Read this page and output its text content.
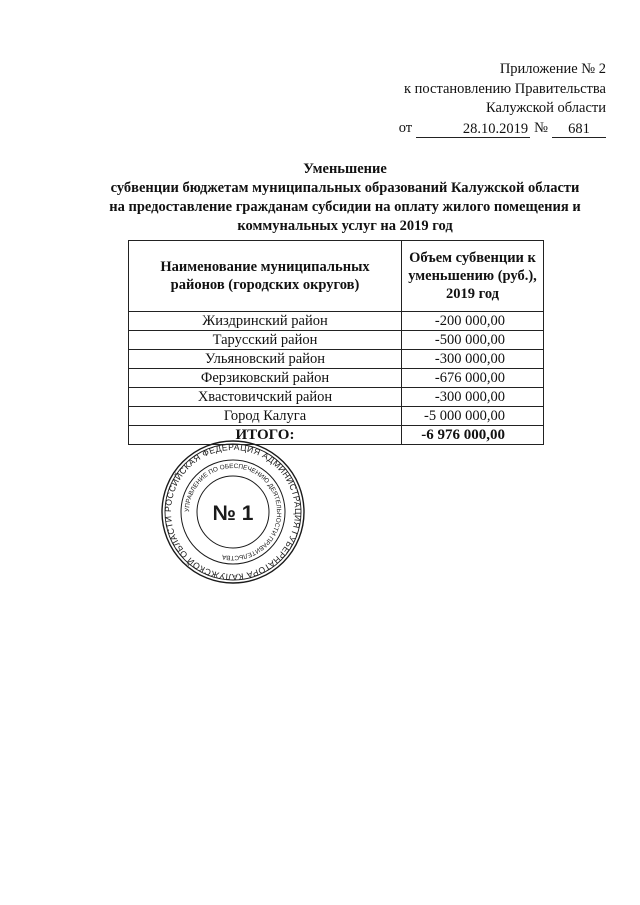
Приложение № 2
к постановлению Правительства
Калужской области
от	28.10.2019 №	681
Уменьшение
субвенции бюджетам муниципальных образований Калужской области
на предоставление гражданам субсидии на оплату жилого помещения и
коммунальных услуг на 2019 год
Наименование муниципальных районов (городских округов)	Объем субвенции к уменьшению (руб.), 2019 год
Жиздринский район	-200 000,00
Тарусский район	-500 000,00
Ульяновский район	-300 000,00
Ферзиковский район	-676 000,00
Хвастовичский район	-300 000,00
Город Калуга	-5 000 000,00
ИТОГО:	-6 976 000,00
РОССИЙСКАЯ ФЕДЕРАЦИЯ АДМИНИСТРАЦИЯ ГУБЕРНАТОРА КАЛУЖСКОЙ ОБЛАСТИ
УПРАВЛЕНИЕ ПО ОБЕСПЕЧЕНИЮ ДЕЯТЕЛЬНОСТИ ПРАВИТЕЛЬСТВА
№ 1
